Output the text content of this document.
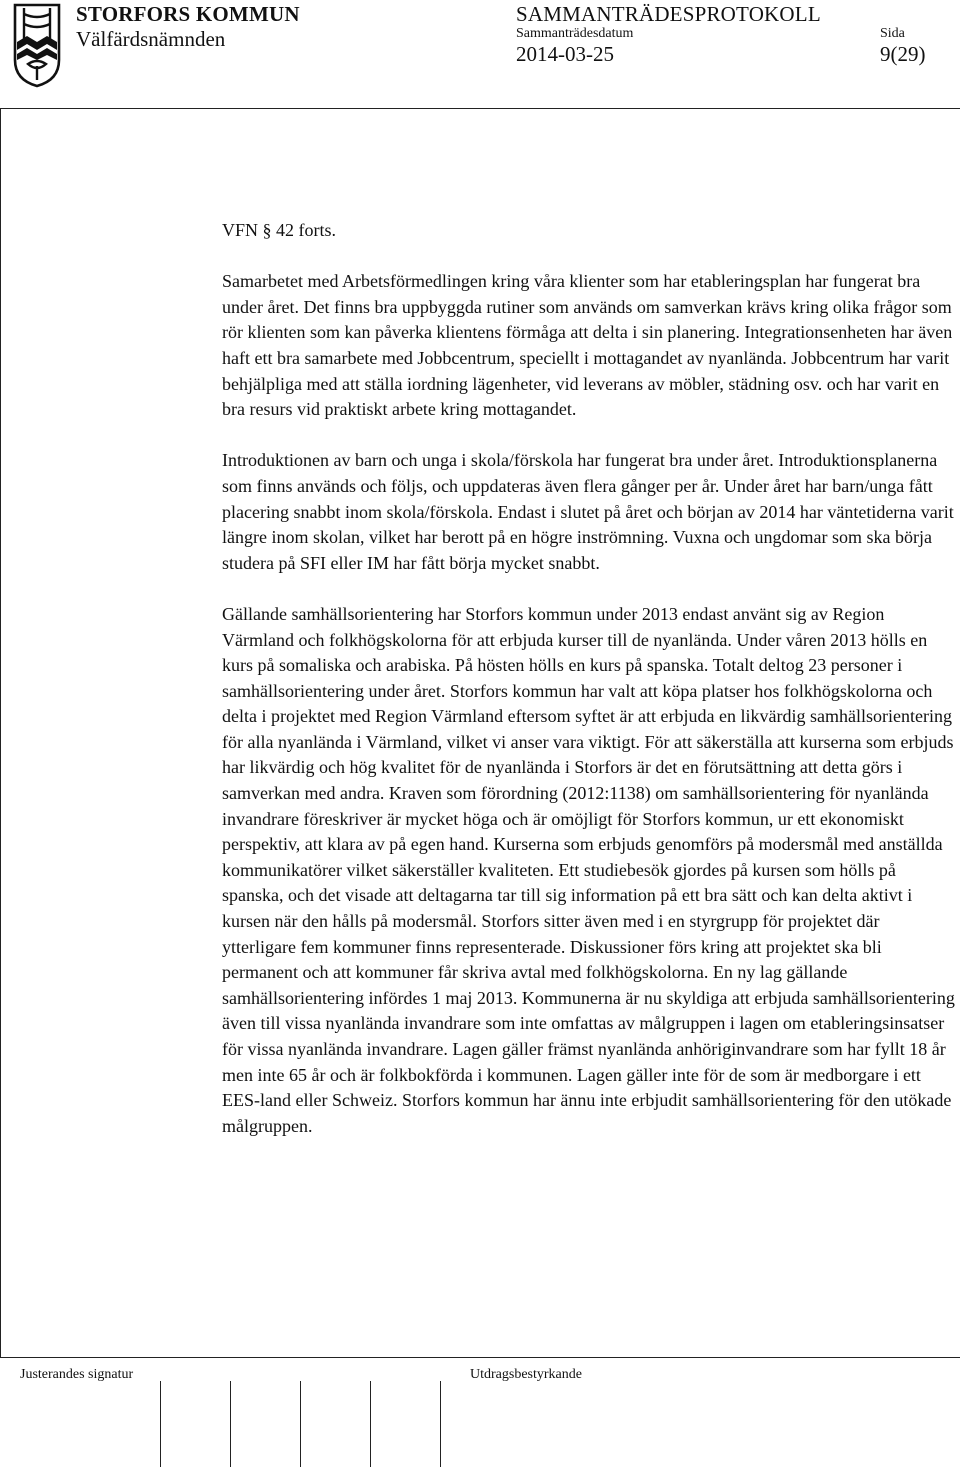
STORFORS KOMMUN
Välfärdsnämnden
SAMMANTRÄDESPROTOKOLL
Sammanträdesdatum
2014-03-25
Sida
9(29)

VFN § 42 forts.

Samarbetet med Arbetsförmedlingen kring våra klienter som har etableringsplan har fungerat bra under året. Det finns bra uppbyggda rutiner som används om samverkan krävs kring olika frågor som rör klienten som kan påverka klientens förmåga att delta i sin planering. Integrationsenheten har även haft ett bra samarbete med Jobbcentrum, speciellt i mottagandet av nyanlända. Jobbcentrum har varit behjälpliga med att ställa iordning lägenheter, vid leverans av möbler, städning osv. och har varit en bra resurs vid praktiskt arbete kring mottagandet.

Introduktionen av barn och unga i skola/förskola har fungerat bra under året. Introduktionsplanerna som finns används och följs, och uppdateras även flera gånger per år. Under året har barn/unga fått placering snabbt inom skola/förskola. Endast i slutet på året och början av 2014 har väntetiderna varit längre inom skolan, vilket har berott på en högre inströmning. Vuxna och ungdomar som ska börja studera på SFI eller IM har fått börja mycket snabbt.

Gällande samhällsorientering har Storfors kommun under 2013 endast använt sig av Region Värmland och folkhögskolorna för att erbjuda kurser till de nyanlända. Under våren 2013 hölls en kurs på somaliska och arabiska. På hösten hölls en kurs på spanska. Totalt deltog 23 personer i samhällsorientering under året. Storfors kommun har valt att köpa platser hos folkhögskolorna och delta i projektet med Region Värmland eftersom syftet är att erbjuda en likvärdig samhällsorientering för alla nyanlända i Värmland, vilket vi anser vara viktigt. För att säkerställa att kurserna som erbjuds har likvärdig och hög kvalitet för de nyanlända i Storfors är det en förutsättning att detta görs i samverkan med andra. Kraven som förordning (2012:1138) om samhällsorientering för nyanlända invandrare föreskriver är mycket höga och är omöjligt för Storfors kommun, ur ett ekonomiskt perspektiv, att klara av på egen hand. Kurserna som erbjuds genomförs på modersmål med anställda kommunikatörer vilket säkerställer kvaliteten. Ett studiebesök gjordes på kursen som hölls på spanska, och det visade att deltagarna tar till sig information på ett bra sätt och kan delta aktivt i kursen när den hålls på modersmål. Storfors sitter även med i en styrgrupp för projektet där ytterligare fem kommuner finns representerade. Diskussioner förs kring att projektet ska bli permanent och att kommuner får skriva avtal med folkhögskolorna. En ny lag gällande samhällsorientering infördes 1 maj 2013. Kommunerna är nu skyldiga att erbjuda samhällsorientering även till vissa nyanlända invandrare som inte omfattas av målgruppen i lagen om etableringsinsatser för vissa nyanlända invandrare. Lagen gäller främst nyanlända anhöriginvandrare som har fyllt 18 år men inte 65 år och är folkbokförda i kommunen. Lagen gäller inte för de som är medborgare i ett EES-land eller Schweiz. Storfors kommun har ännu inte erbjudit samhällsorientering för den utökade målgruppen.

Justerandes signatur	Utdragsbestyrkande
